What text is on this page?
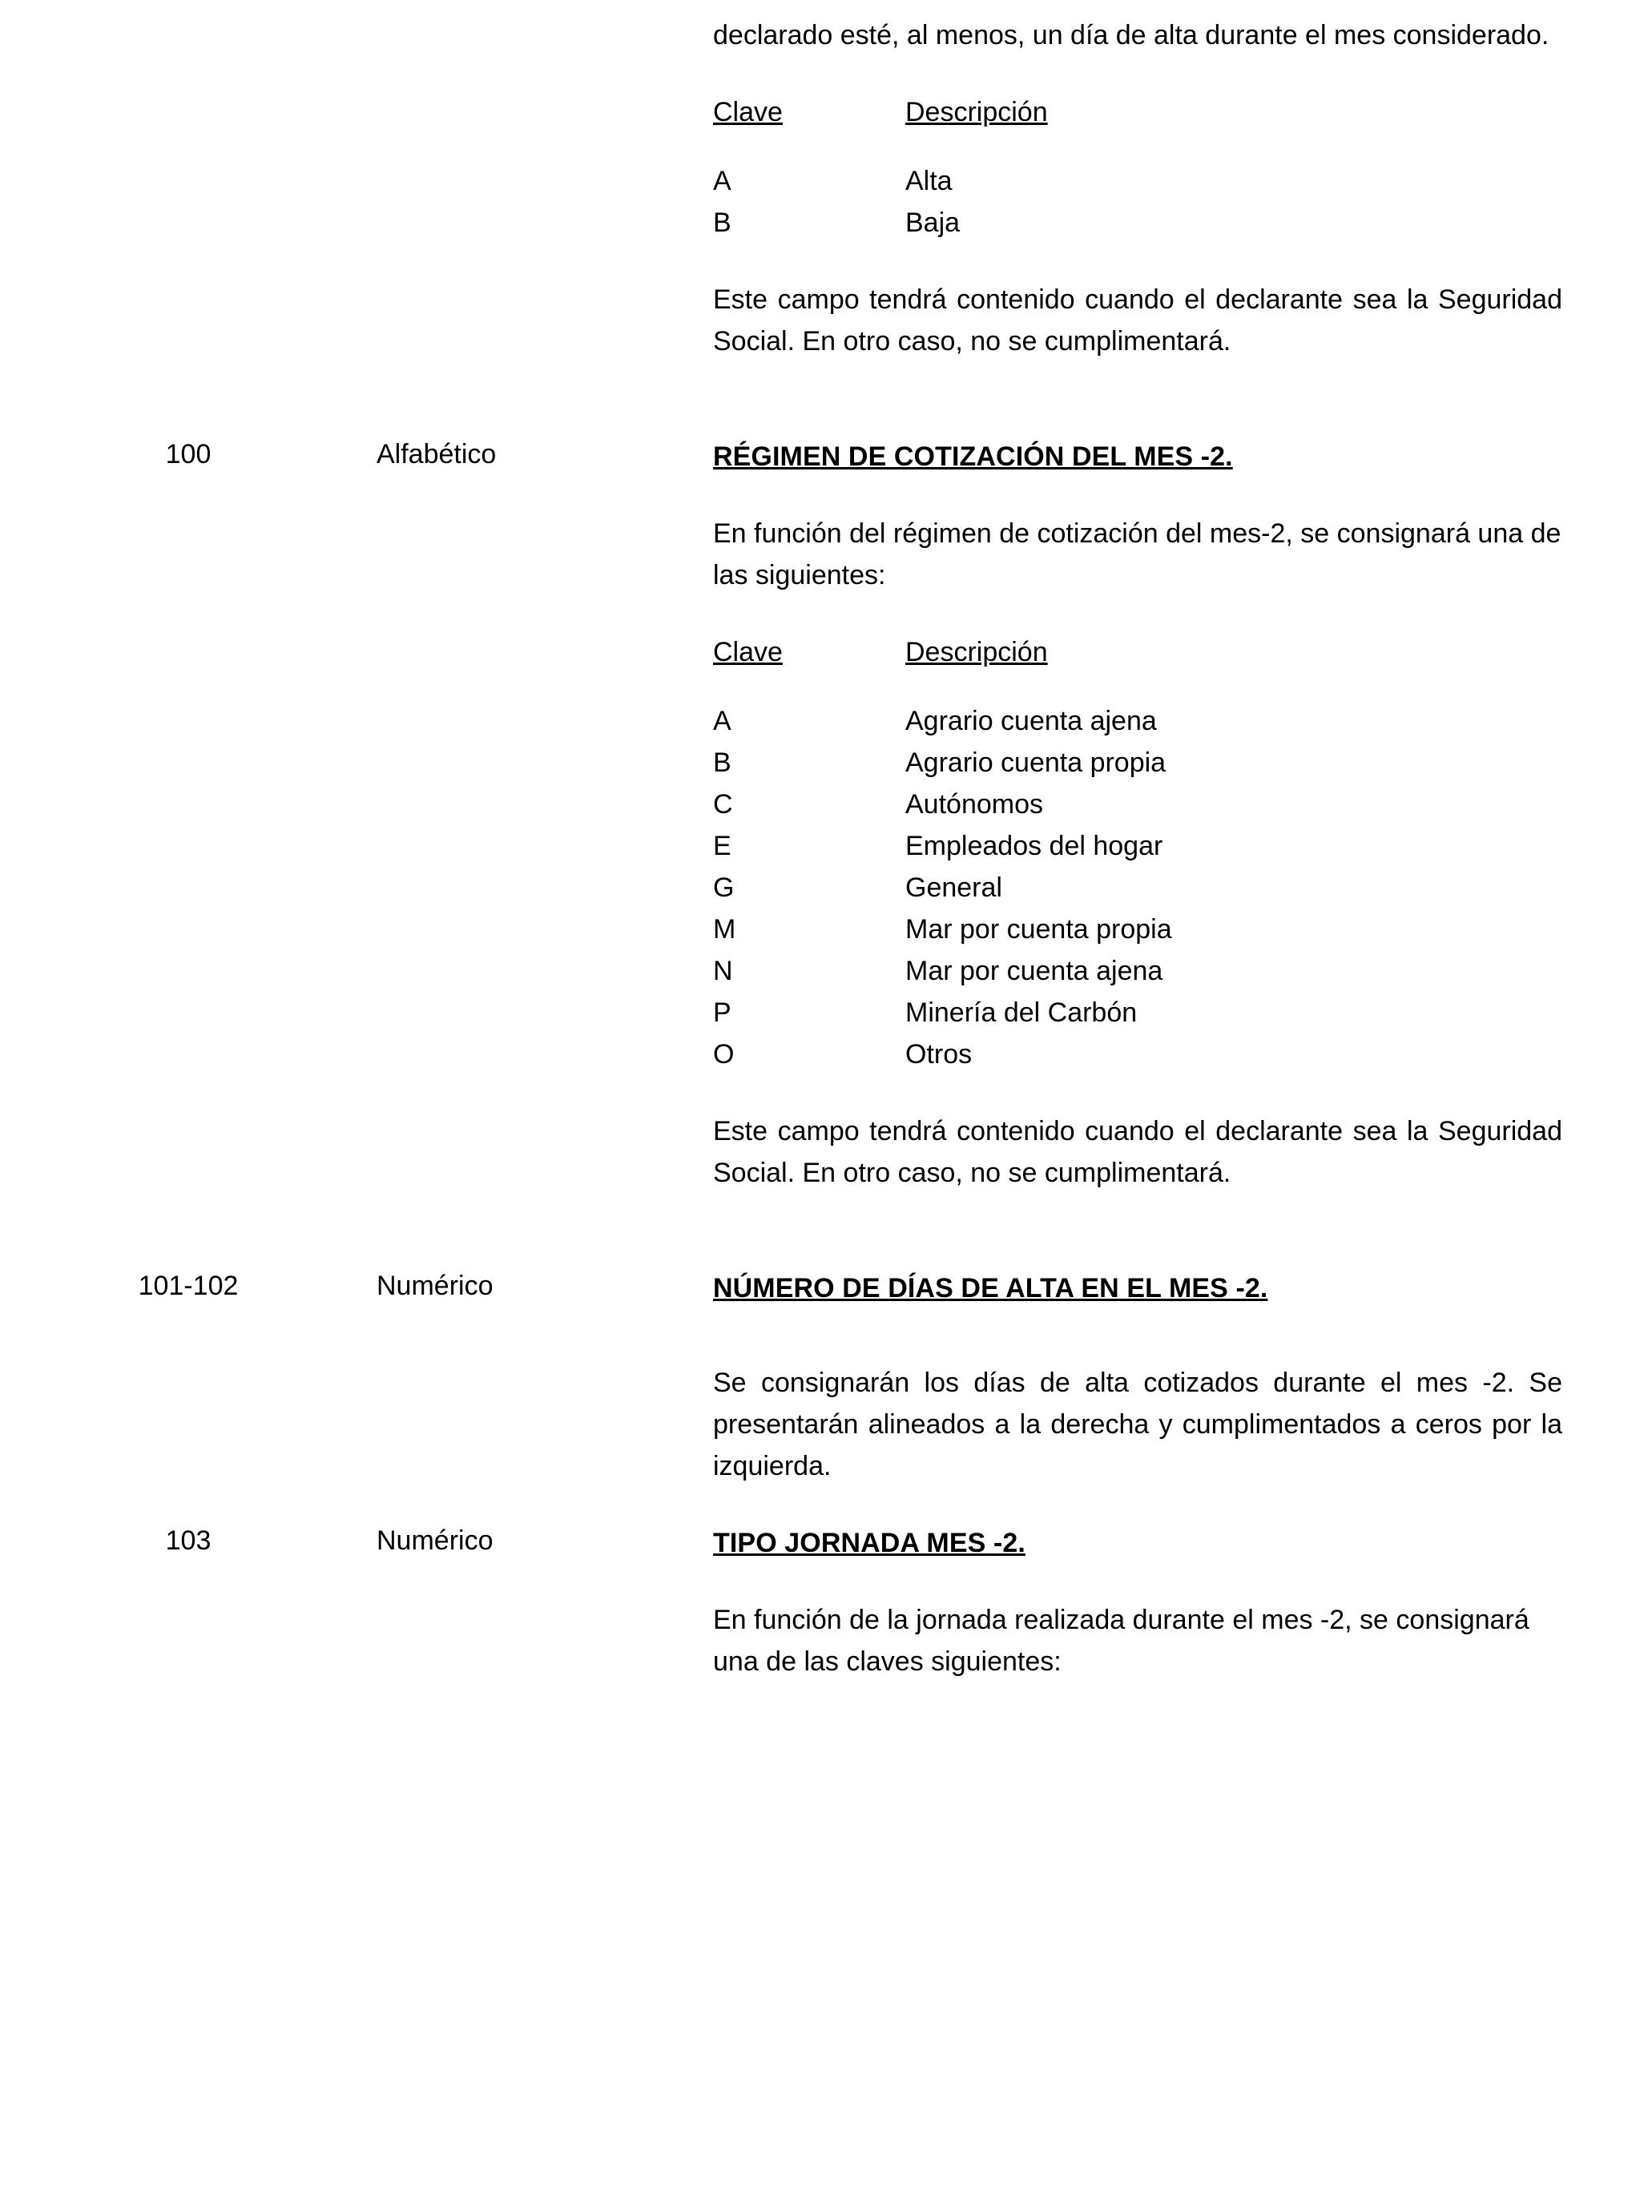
declarado esté, al menos, un día de alta durante el mes considerado.

Clave	Descripción

A	Alta
B	Baja

Este campo tendrá contenido cuando el declarante sea la Seguridad Social. En otro caso, no se cumplimentará.

100	Alfabético	RÉGIMEN DE COTIZACIÓN DEL MES -2.

En función del régimen de cotización del mes-2, se consignará una de las siguientes:

Clave	Descripción

A	Agrario cuenta ajena
B	Agrario cuenta propia
C	Autónomos
E	Empleados del hogar
G	General
M	Mar por cuenta propia
N	Mar por cuenta ajena
P	Minería del Carbón
O	Otros

Este campo tendrá contenido cuando el declarante sea la Seguridad Social. En otro caso, no se cumplimentará.

101-102	Numérico	NÚMERO DE DÍAS DE ALTA EN EL MES -2.

Se consignarán los días de alta cotizados durante el mes -2. Se presentarán alineados a la derecha y cumplimentados a ceros por la izquierda.

103	Numérico	TIPO JORNADA MES -2.

En función de la jornada realizada durante el mes -2, se consignará una de las claves siguientes:
